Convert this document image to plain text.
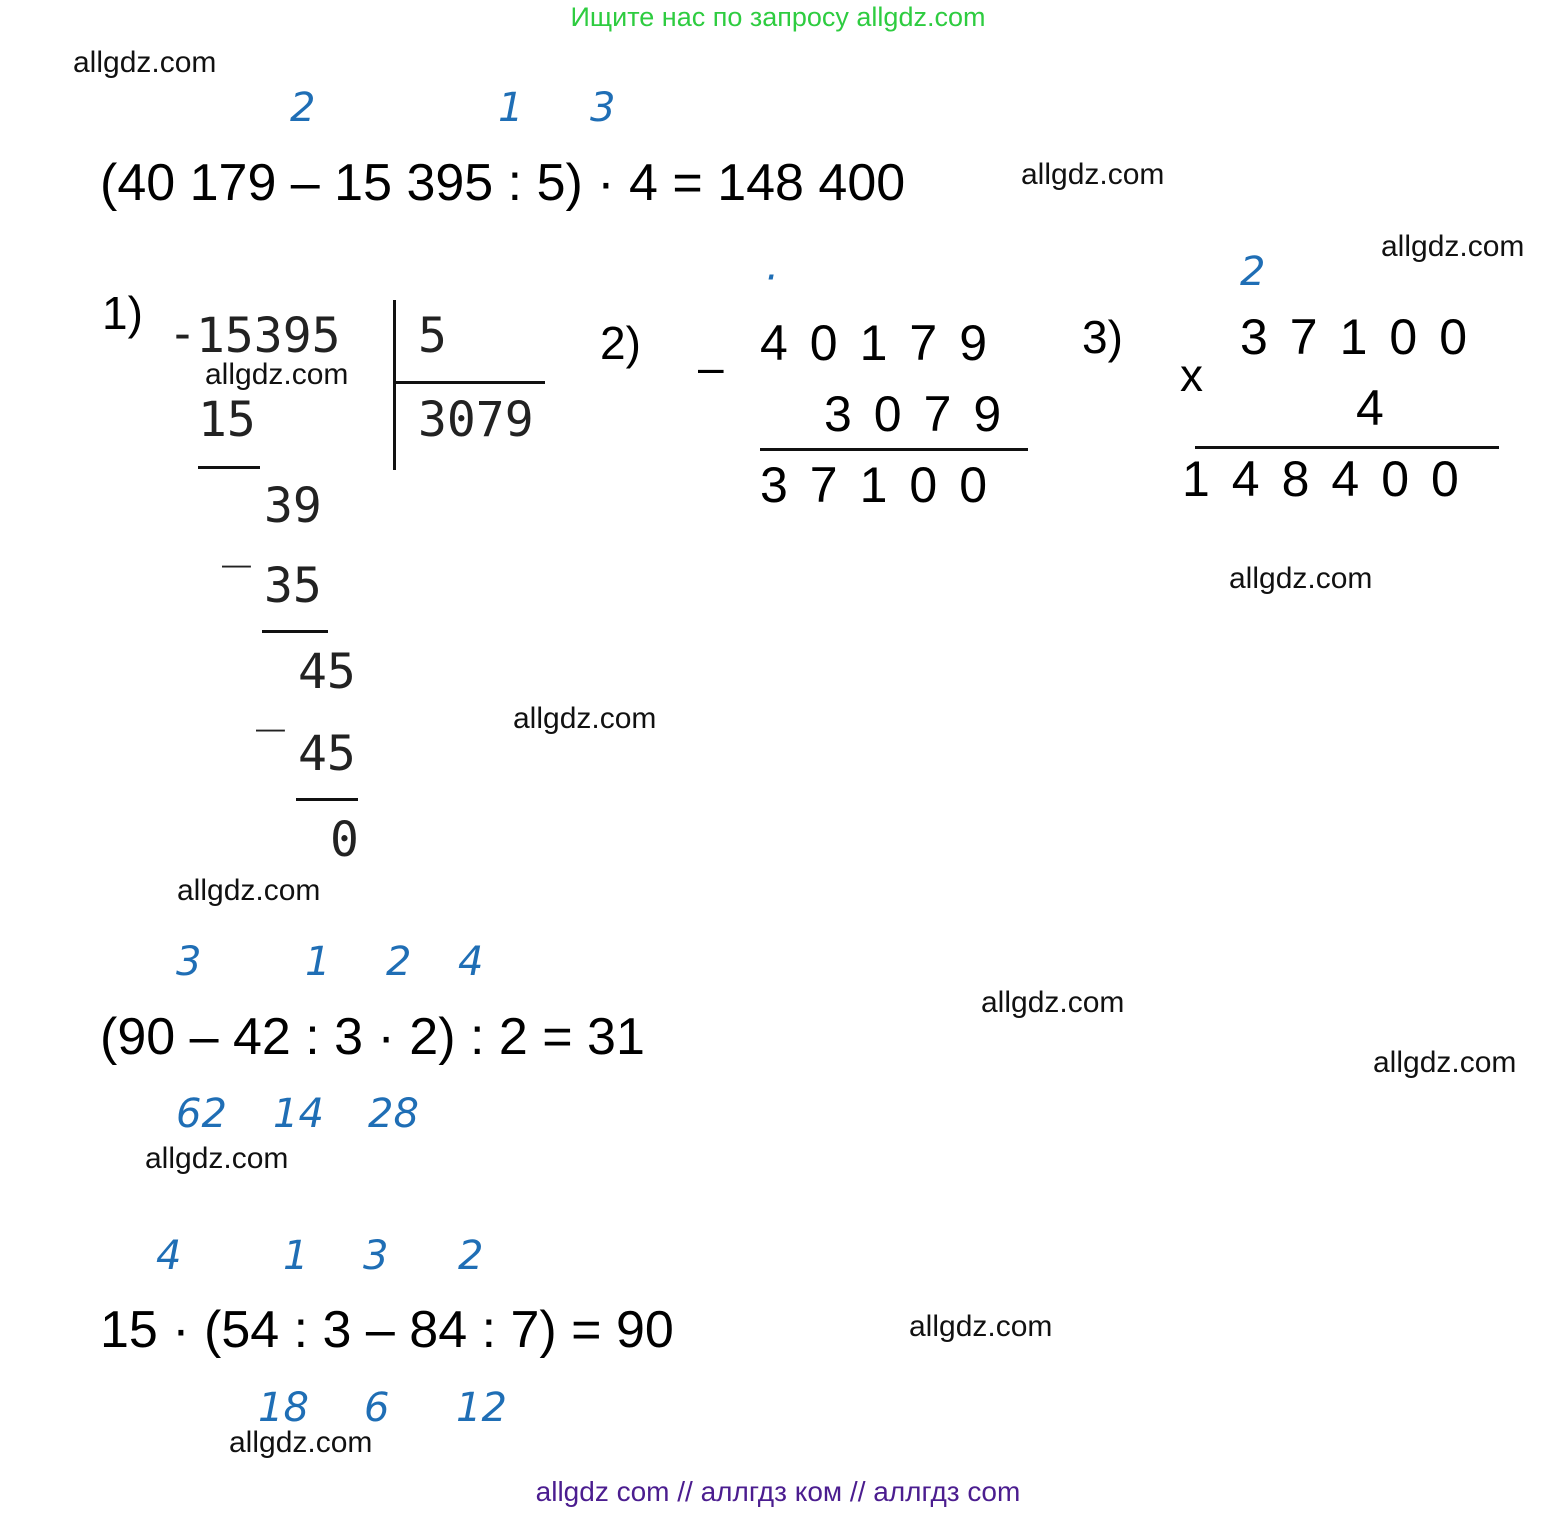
Ищите нас по запросу allgdz.com
allgdz.com
allgdz.com
allgdz.com
allgdz.com
allgdz.com
allgdz.com
allgdz.com
allgdz.com
allgdz.com
allgdz.com
allgdz.com
allgdz.com
2	1 3
(40 179 – 15 395 : 5) · 4 = 148 400
1) - 15395 5
3079
15
_
39
35
_
45
45
0
2)
·
– 40179
3079
37100
3)
2
x
37100
4
148400
3	1 2 4
(90 – 42 : 3 · 2) : 2 = 31
62 14 28
4	1 3 2
15 · (54 : 3 – 84 : 7) = 90
18 6 12
allgdz com // аллгдз ком // аллгдз com
